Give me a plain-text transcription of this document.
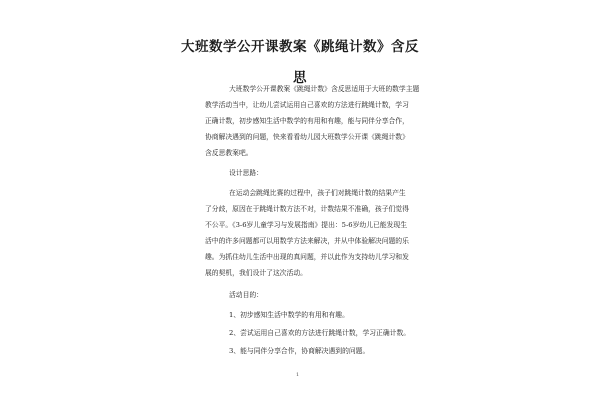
大班数学公开课教案《跳绳计数》含反
思
大班数学公开课教案《跳绳计数》含反思适用于大班的数学主题
教学活动当中，让幼儿尝试运用自己喜欢的方法进行跳绳计数，学习
正确计数，初步感知生活中数学的有用和有趣，能与同伴分享合作，
协商解决遇到的问题，快来看看幼儿园大班数学公开课《跳绳计数》
含反思教案吧。
设计思路：
在运动会跳绳比赛的过程中，孩子们对跳绳计数的结果产生
了分歧，原因在于跳绳计数方法不对，计数结果不准确，孩子们觉得
不公平。《3-6岁儿童学习与发展指南》提出：5-6岁幼儿已能发现生
活中的许多问题都可以用数学方法来解决，并从中体验解决问题的乐
趣。为抓住幼儿生活中出现的真问题，并以此作为支持幼儿学习和发
展的契机，我们设计了这次活动。
活动目的：
1、初步感知生活中数学的有用和有趣。
2、尝试运用自己喜欢的方法进行跳绳计数，学习正确计数。
3、能与同伴分享合作，协商解决遇到的问题。
1
